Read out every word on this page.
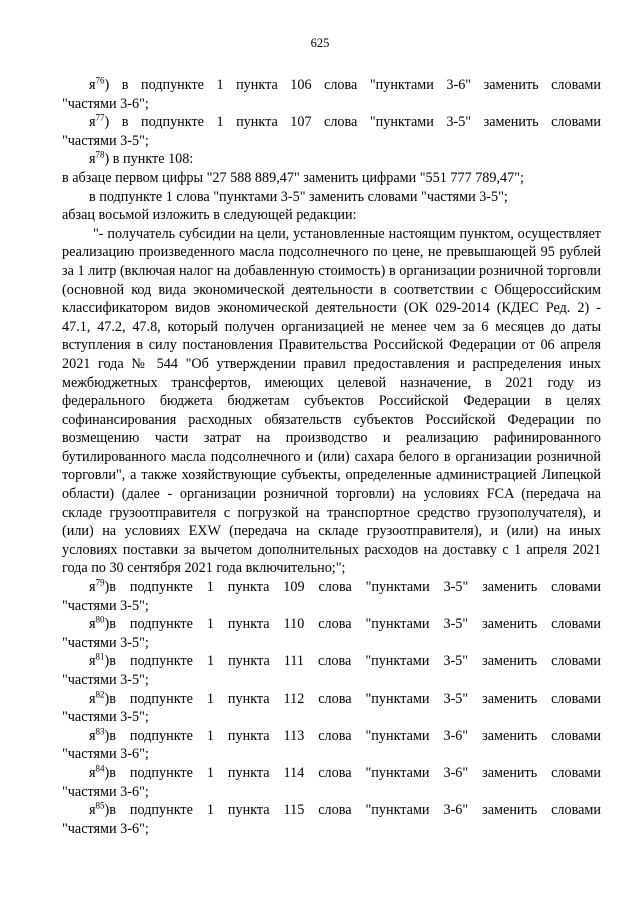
625

$я^{76}$) в подпункте 1 пункта 106 слова "пунктами 3-6" заменить словами

"частями 3-6";

$я^{77}$) в подпункте 1 пункта 107 слова "пунктами 3-5" заменить словами

"частями 3-5";

$я^{78}$) в пункте 108:

в абзаце первом цифры "27 588 889,47" заменить цифрами "551 777 789,47";

в подпункте 1 слова "пунктами 3-5" заменить словами "частями 3-5";

абзац восьмой изложить в следующей редакции:

"- получатель субсидии на цели, установленные настоящим пунктом, осуществляет реализацию произведенного масла подсолнечного по цене, не превышающей 95 рублей за 1 литр (включая налог на добавленную стоимость) в организации розничной торговли (основной код вида экономической деятельности в соответствии с Общероссийским классификатором видов экономической деятельности (ОК 029-2014 (КДЕС Ред. 2) - 47.1, 47.2, 47.8, который получен организацией не менее чем за 6 месяцев до даты вступления в силу постановления Правительства Российской Федерации от 06 апреля 2021 года № 544 "Об утверждении правил предоставления и распределения иных межбюджетных трансфертов, имеющих целевой назначение, в 2021 году из федерального бюджета бюджетам субъектов Российской Федерации в целях софинансирования расходных обязательств субъектов Российской Федерации по возмещению части затрат на производство и реализацию рафинированного бутилированного масла подсолнечного и (или) сахара белого в организации розничной торговли", а также хозяйствующие субъекты, определенные администрацией Липецкой области) (далее - организации розничной торговли) на условиях FCA (передача на складе грузоотправителя с погрузкой на транспортное средство грузополучателя), и (или) на условиях EXW (передача на складе грузоотправителя), и (или) на иных условиях поставки за вычетом дополнительных расходов на доставку с 1 апреля 2021 года по 30 сентября 2021 года включительно;";

$я^{79})в$ подпункте 1 пункта 109 слова "пунктами 3-5" заменить словами

"частями 3-5";

$я^{80})в$ подпункте 1 пункта 110 слова "пунктами 3-5" заменить словами

"частями 3-5";

$я^{81})в$ подпункте 1 пункта 111 слова "пунктами 3-5" заменить словами

"частями 3-5";

$я^{82})в$ подпункте 1 пункта 112 слова "пунктами 3-5" заменить словами

"частями 3-5";

$я^{83})в$ подпункте 1 пункта 113 слова "пунктами 3-6" заменить словами

"частями 3-6";

$я^{84})в$ подпункте 1 пункта 114 слова "пунктами 3-6" заменить словами

"частями 3-6";

$я^{85})в$ подпункте 1 пункта 115 слова "пунктами 3-6" заменить словами

"частями 3-6";
